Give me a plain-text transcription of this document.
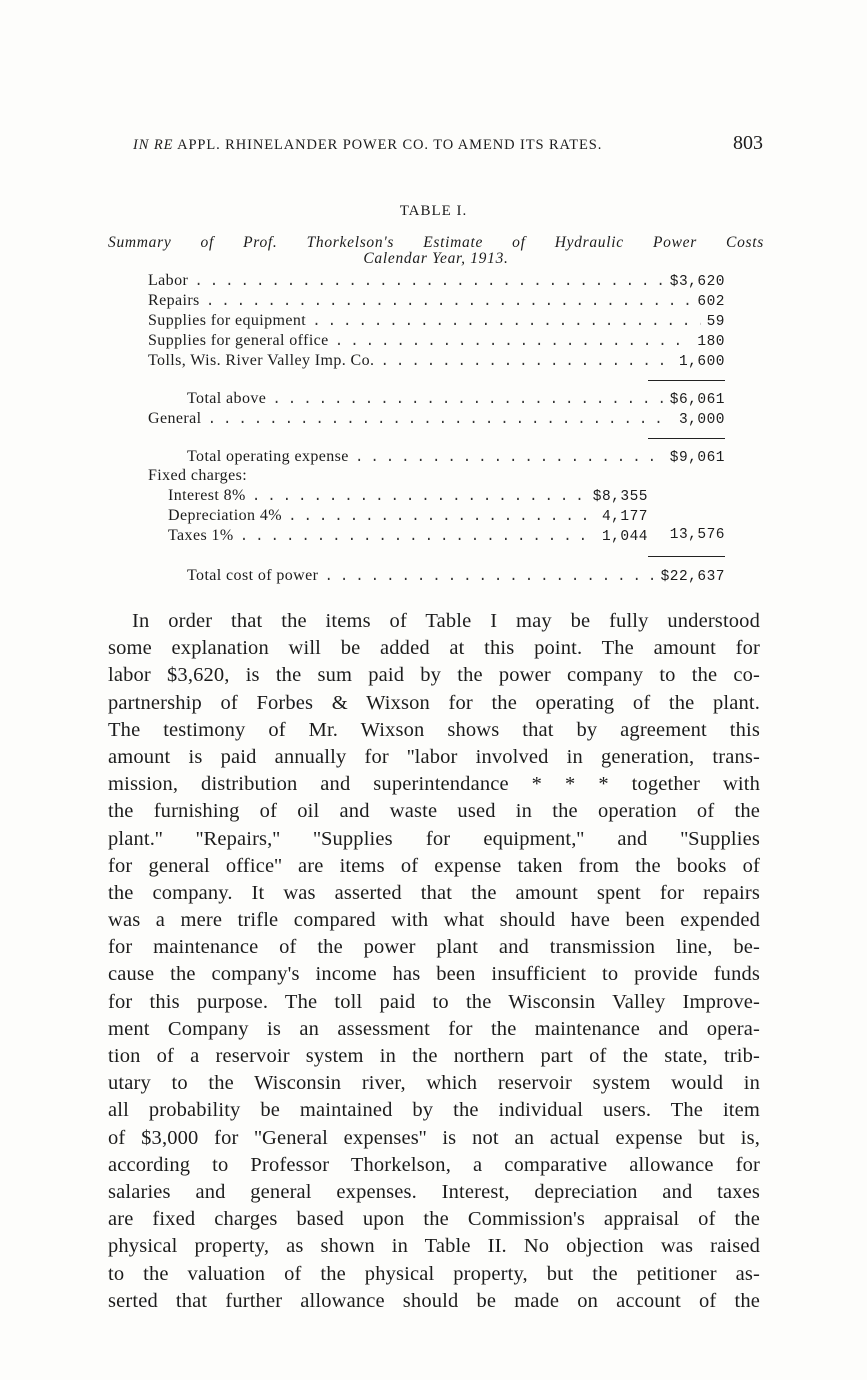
IN RE APPL. RHINELANDER POWER CO. TO AMEND ITS RATES.	803
TABLE I.
Summary of Prof. Thorkelson's Estimate of Hydraulic Power Costs
Calendar Year, 1913.
Labor . . .	$3,620
Repairs . . .	602
Supplies for equipment . . .	59
Supplies for general office . . .	180
Tolls, Wis. River Valley Imp. Co. . . .	1,600
Total above . . .	$6,061
General . . .	3,000
Total operating expense . . .	$9,061
Fixed charges:
Interest 8% . . .	$8,355
Depreciation 4% . . .	4,177
Taxes 1% . . .	1,044	13,576
Total cost of power . . .	$22,637
In order that the items of Table I may be fully understood
some explanation will be added at this point. The amount for
labor $3,620, is the sum paid by the power company to the co-
partnership of Forbes & Wixson for the operating of the plant.
The testimony of Mr. Wixson shows that by agreement this
amount is paid annually for ''labor involved in generation, trans-
mission, distribution and superintendance * * * together with
the furnishing of oil and waste used in the operation of the
plant.'' ''Repairs,'' ''Supplies for equipment,'' and ''Supplies
for general office'' are items of expense taken from the books of
the company. It was asserted that the amount spent for repairs
was a mere trifle compared with what should have been expended
for maintenance of the power plant and transmission line, be-
cause the company's income has been insufficient to provide funds
for this purpose. The toll paid to the Wisconsin Valley Improve-
ment Company is an assessment for the maintenance and opera-
tion of a reservoir system in the northern part of the state, trib-
utary to the Wisconsin river, which reservoir system would in
all probability be maintained by the individual users. The item
of $3,000 for ''General expenses'' is not an actual expense but is,
according to Professor Thorkelson, a comparative allowance for
salaries and general expenses. Interest, depreciation and taxes
are fixed charges based upon the Commission's appraisal of the
physical property, as shown in Table II. No objection was raised
to the valuation of the physical property, but the petitioner as-
serted that further allowance should be made on account of the
